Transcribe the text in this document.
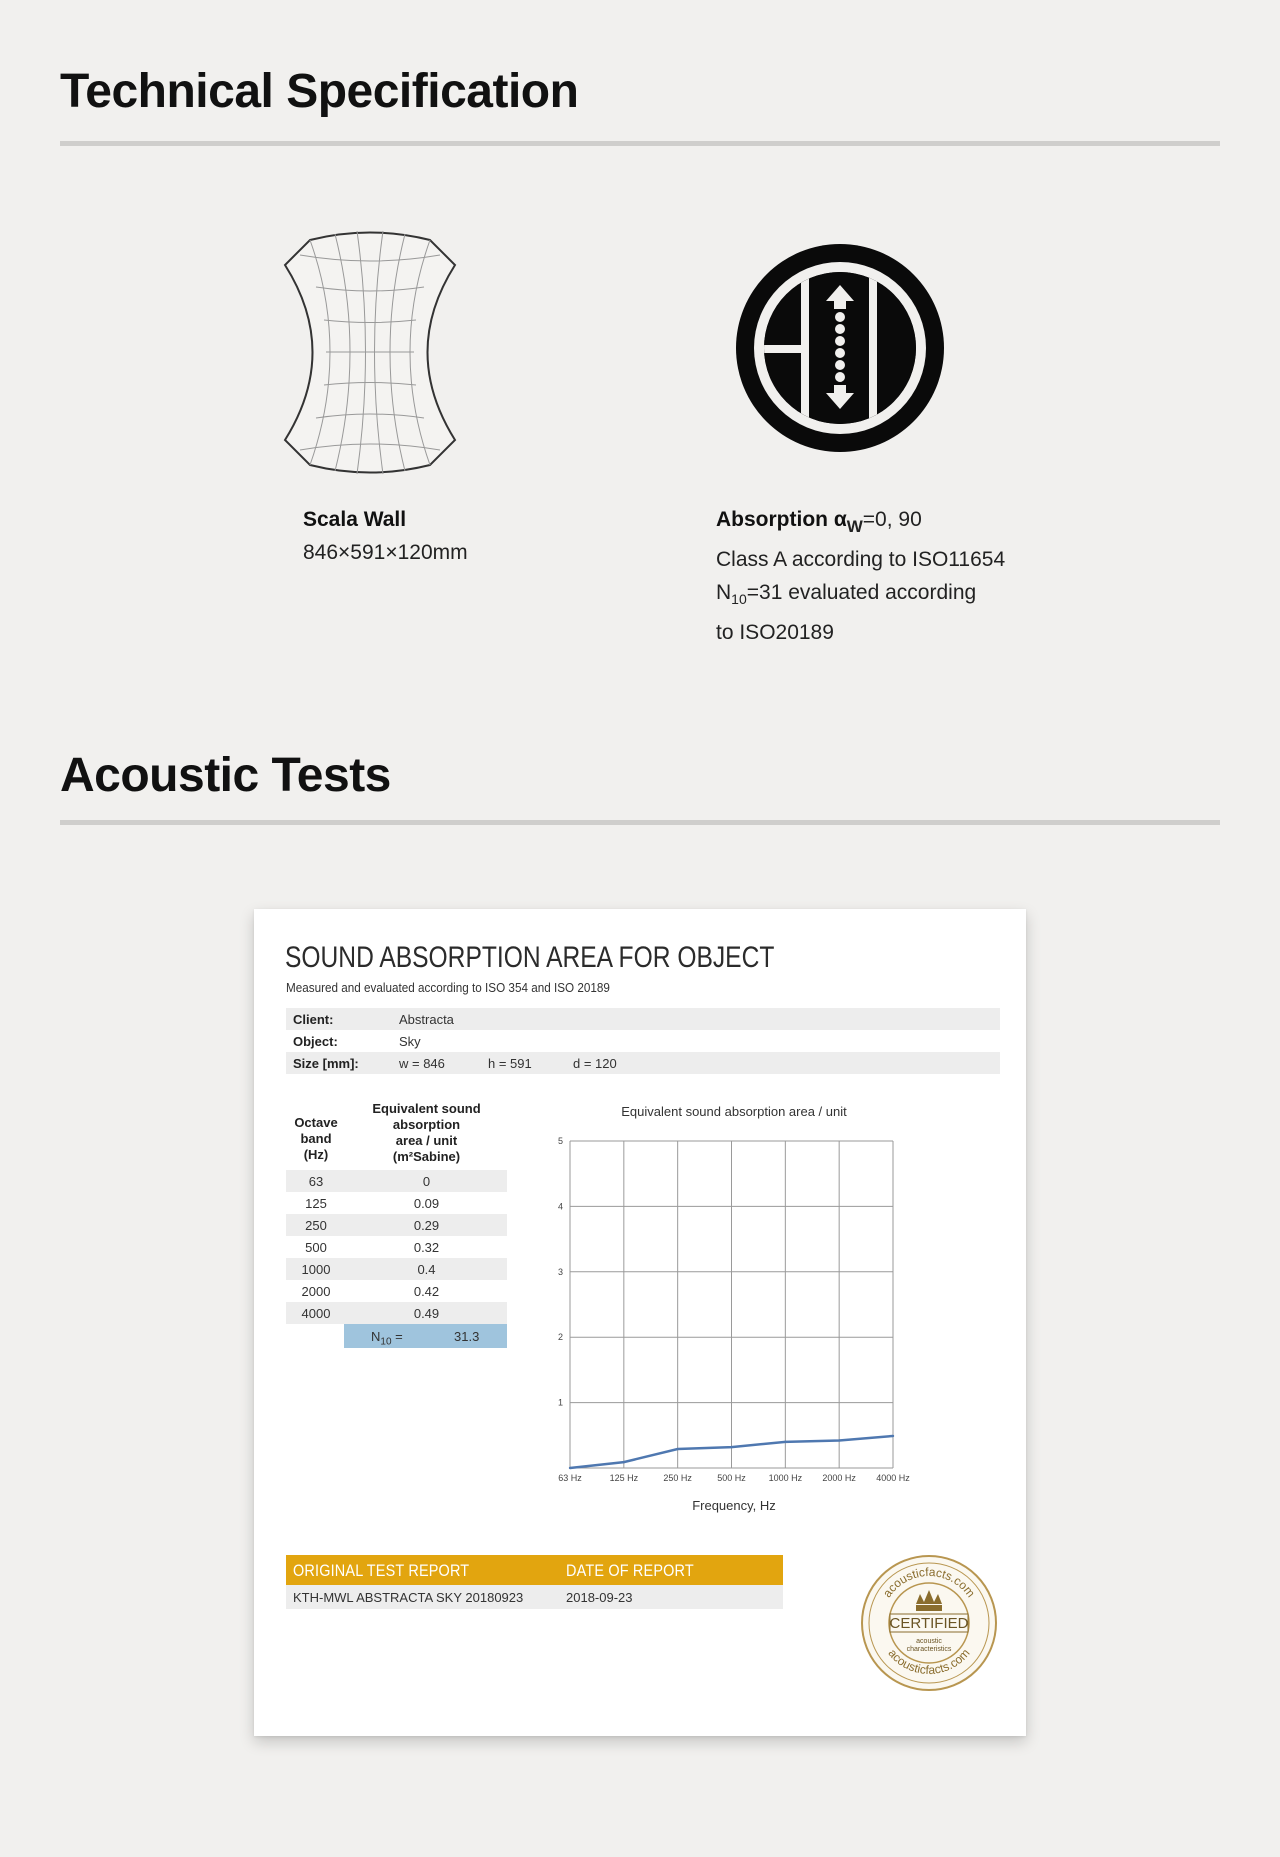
Technical Specification
Scala Wall
846×591×120mm
Absorption $\alpha_W=0$, 90
Class A according to ISO11654
$N_{10}=31$ evaluated according
to ISO20189
Acoustic Tests
SOUND ABSORPTION AREA FOR OBJECT
Measured and evaluated according to ISO 354 and ISO 20189
Client:	Abstracta
Object:	Sky
Size [mm]:	w = 846	h = 591	d = 120
Octave
band
(Hz)
Equivalent sound
absorption
area / unit
(m²Sabine)
63	0
125	0.09
250	0.29
500	0.32
1000	0.4
2000	0.42
4000	0.49
$N_{10}$ =	31.3
Equivalent sound absorption area / unit
1
2
3
4
5
63 Hz	125 Hz	250 Hz	500 Hz	1000 Hz 2000 Hz 4000 Hz
Frequency, Hz
ORIGINAL TEST REPORT	DATE OF REPORT
KTH-MWL ABSTRACTA SKY 20180923	2018-09-23	acousticfacts.com
acousticfacts.com
CERTIFIED
acoustic
characteristics
